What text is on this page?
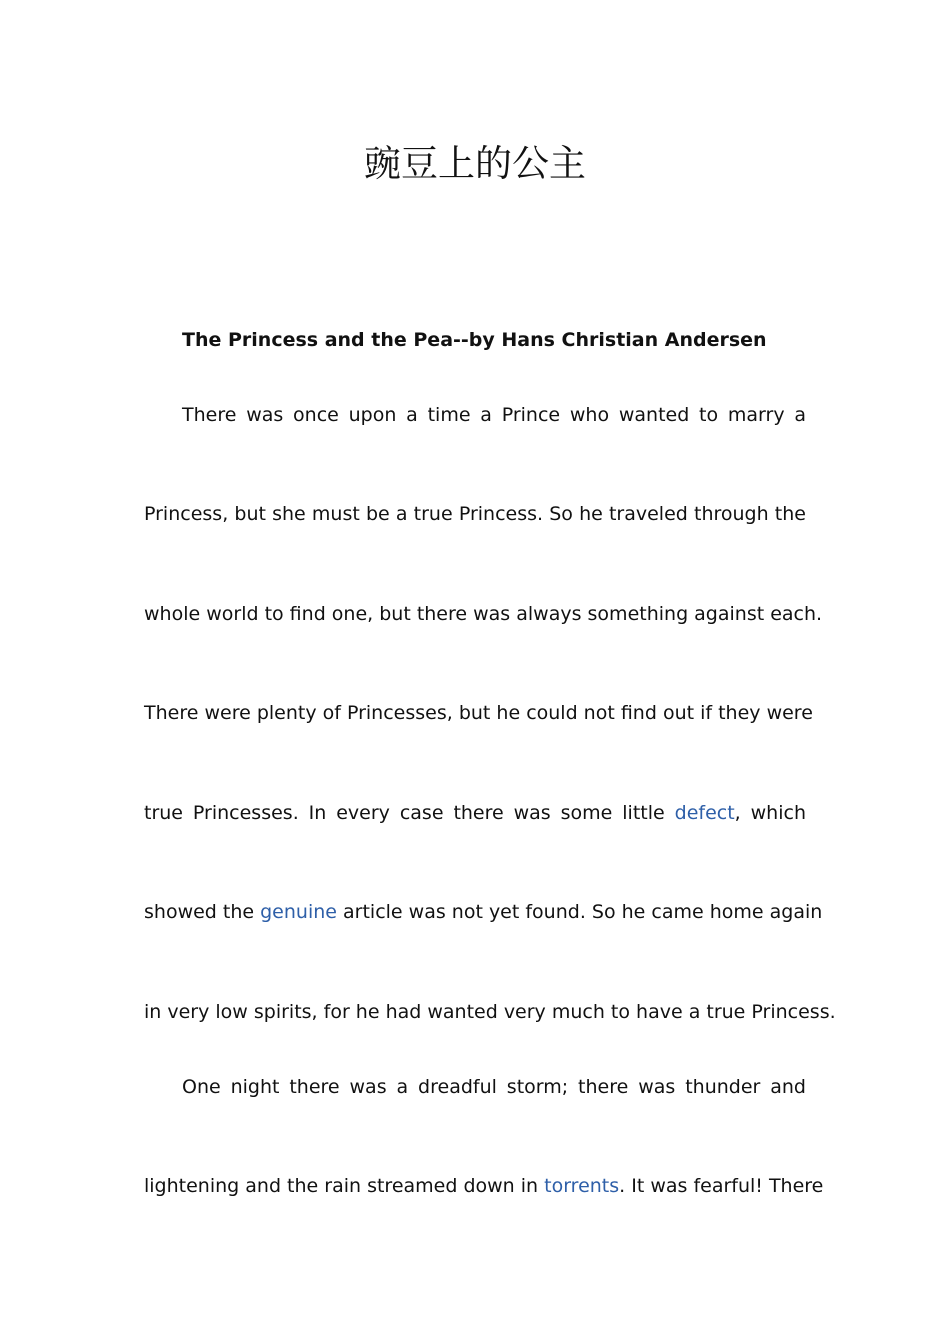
豌豆上的公主

The Princess and the Pea--by Hans Christian Andersen

There was once upon a time a Prince who wanted to marry a

Princess, but she must be a true Princess. So he traveled through the

whole world to find one, but there was always something against each.

There were plenty of Princesses, but he could not find out if they were

true Princesses. In every case there was some little defect, which

showed the genuine article was not yet found. So he came home again

in very low spirits, for he had wanted very much to have a true Princess.

One night there was a dreadful storm; there was thunder and

lightening and the rain streamed down in torrents. It was fearful! There
